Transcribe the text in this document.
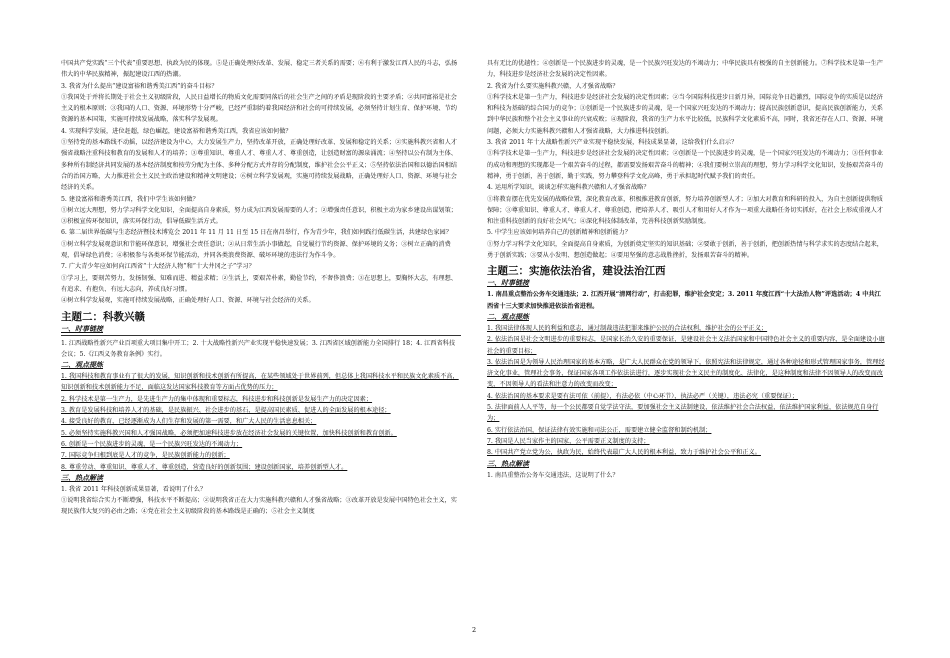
中国共产党实践“三个代表”重要思想、执政为民的体现。⑤是正确处理好改革、发展、稳定三者关系的需要；⑥有利于激发江西人民的斗志，弘扬伟大的中华民族精神，振起建设江西的热潮。

3. 我省为什么提出“建设富裕和谐秀美江西”的奋斗目标？

①我国处于并将长期处于社会主义初级阶段，人民日益增长的物质文化需要同落后的社会生产之间的矛盾是现阶段的主要矛盾；②共同富裕是社会主义的根本原则；③我国的人口、资源、环境形势十分严峻，已经严重制约着我国经济和社会的可持续发展，必须坚持计划生育、保护环境、节约资源的基本国策，实施可持续发展战略，落实科学发展观。

4. 实现科学发展，进位赶超，绿色崛起，建设富裕和谐秀美江西，我省应该如何做？

①坚持党的基本路线不动摇，以经济建设为中心，大力发展生产力，坚持改革开放，正确处理好改革、发展和稳定的关系；②实施科教兴省和人才强省战略注重科技和教育的发展和人才的培养；③尊重知识、尊重人才、尊重人才、尊重创造，让创造财富的源泉涌流；④坚持以公有制为主体、多种所有制经济共同发展的基本经济制度和按劳分配为主体、多种分配方式并存的分配制度，维护社会公平正义；⑤坚持依法治国和以德治国相结合的治国方略，大力推进社会主义民主政治建设和精神文明建设；⑥树立科学发展观，实施可持续发展战略，正确处理好人口、资源、环境与社会经济的关系。

5. 建设富裕和谐秀美江西，我们中学生该如何做？

①树立远大理想，努力学习科学文化知识，全面提高自身素质，努力成为江西发展需要的人才；②增强责任意识，积极主动为家乡建设出谋划策；③积极宣传环保知识，落实环保行动，倡导低碳生活方式。

6. 第二届世界低碳与生态经济暨技术博览会 2011 年 11 月 11 日至 15 日在南昌举行，作为青少年，我们如何践行低碳生活，共建绿色家园？

①树立科学发展观意识和节能环保意识，增强社会责任意识；②从日常生活小事做起，自觉履行节约资源、保护环境的义务；③树立正确的消费观，倡导绿色消费；④积极参与各类环保节能活动，并同各类浪费资源、破坏环境的违法行为作斗争。

7. 广大青少年应如何向江西省“十大经济人物”和“十大井冈之子”学习？

①学习上，要刻苦努力，发扬韧强、知难而进、精益求精；②生活上，要艰苦朴素，勤俭节约，不奢侈浪费；③在思想上，要胸怀大志，有理想、有追求、有抱负、有远大志向，养成良好习惯。

④树立科学发展观，实施可持续发展战略，正确处理好人口、资源、环境与社会经济的关系。

主题二：科教兴赣
一、时事链接

1. 江西战略性新兴产业百项重大项目集中开工；2. 十大战略性新兴产业实现平稳快速发展；3. 江西省区域创新能力全国排行 18；4. 江西省科技会议；5.《江西义务教育条例》实行。

二、观点提炼

1. 我国科技和教育事业有了很大的发展，知识创新和技术创新有所提高，在某些领域处于世界前列，但总体上我国科技水平和民族文化素质不高，知识创新和技术创新能力不足，面临这发达国家科技教育等方面占优势的压力；

2. 科学技术是第一生产力，是先进生产力的集中体现和重要标志，科技进步和科技创新是发展生产力的决定因素；

3. 教育是发展科技和培养人才的基础，是民族振兴、社会进步的基石，是提高国民素质、促进人的全面发展的根本途径；

4. 接受良好的教育，已经逐渐成为人们生存和发展的第一需要，和广大人民的生活息息相关；

5. 必须坚持实施科教兴国和人才强国战略，必须把加速科技进步放在经济社会发展的关键位置，加快科技创新和教育创新。

6. 创新是一个民族进步的灵魂，是一个民族兴旺发达的不竭动力；

7. 国际竞争归根到底是人才的竞争，是民族创新能力的创新；

8. 尊重劳动、尊重知识、尊重人才、尊重创造，营造良好的创新氛围；建设创新国家，培养创新型人才。

三、热点解读

1. 我省 2011 年科技创新成果显著，看说明了什么？

①说明我省综合实力不断增强，科技水平不断提高；②说明我省正在大力实施科教兴赣和人才强省战略；③改革开放是发展中国特色社会主义，实现民族伟大复兴的必由之路；④党在社会主义初级阶段的基本路线是正确的；⑤社会主义制度

具有无比的优越性；④创新是一个民族进步的灵魂，是一个民族兴旺发达的不竭动力；中华民族具有极强的自主创新能力。⑦科学技术是第一生产力，科技进步是经济社会发展的决定性因素。

2. 我省为什么要实施科教兴赣，人才强省战略？

①科学技术是第一生产力，科技进步是经济社会发展的决定性因素；②当今国际科技进步日新月异，国际竞争日趋激烈，国际竞争的实质是以经济和科技为基础的综合国力的竞争；③创新是一个民族进步的灵魂，是一个国家兴旺发达的不竭动力；提高民族创新意识，提高民族创新能力，关系到中华民族和整个社会主义事业的兴衰成败；④现阶段，我省的生产力水平比较低，民族科学文化素质不高，同时，我省还存在人口、资源、环境问题，必须大力实施科教兴赣和人才强省战略，大力推进科技创新。

3. 我省 2011 年十大战略性新兴产业实现平稳快发展，科技成果显著，这给我们什么启示？

①科学技术是第一生产力，科技进步是经济社会发展的决定性因素；②创新是一个民族进步的灵魂，是一个国家兴旺发达的不竭动力；③任何事业的成功和理想的实现都是一个艰苦奋斗的过程，都需要发扬艰苦奋斗的精神；④我们要树立崇高的理想，努力学习科学文化知识，发扬艰苦奋斗的精神，勇于创新，善于创新，勤于实践，努力攀登科学文化高峰，勇于承担起时代赋予我们的责任。

4. 运用所学知识，谈谈怎样实施科教兴赣和人才强省战略？

①将教育摆在优先发展的战略位置，深化教育改革，积极推进教育创新，努力培养创新型人才；②加大对教育和科研的投入，为自主创新提供物质保障；③尊重知识、尊重人才、尊重人才、尊重创造，把培养人才、吸引人才和用好人才作为一项重大战略任务切实抓好，在社会上形成重视人才和注重科技创新的良好社会风气；④深化科技体制改革，完善科技创新奖励制度。

5. 中学生应该如何培养自己的创新精神和创新能力？

①努力学习科学文化知识，全面提高自身素质，为创新奠定坚实的知识基础；②要敢于创新，善于创新，把创新热情与科学求实的态度结合起来，勇于创新实践；③要从小发明、想创造做起；④要用坚强的意志战胜挫折，发扬艰苦奋斗的精神。

主题三：实施依法治省，建设法治江西
一、时事链接

1. 南昌重点整治公务车交通违法；2. 江西开展“清网行动”，打击犯罪，维护社会安定；3. 2011 年度江西“十大法治人物”评选活动；4 中共江西省十三大要求加快推进依法治省进程。

二、观点提炼

1. 我国法律体现人民的利益和意志，通过制裁违法犯罪来维护公民的合法权利，维护社会的公平正义；

2. 依法治国是社会文明进步的重要标志，是国家长治久安的重要保证，是建设社会主义法治国家和中国特色社会主义的重要内容，是全面建设小康社会的重要目标；

3. 依法治国是为领导人民治理国家的基本方略，是广大人民群众在党的领导下，依照宪法和法律规定，通过各种途径和形式管理国家事务，管理经济文化事业，管理社会事务，保证国家各项工作依法法进行，逐步实现社会主义民主的制度化、法律化，是这种制度和法律不因领导人的改变而改变，不因领导人的看法和注意力的改变而改变；

4. 依法治国的基本要求是要有法可依（前提），有法必依（中心环节），执法必严（关键），违法必究（重要保证）；

5. 法律面前人人平等，每一个公民都要自觉学法守法，要加强社会主义法制建设，依法维护社会合法权益，依法维护国家利益，依法规范自身行为；

6. 实行依法治国，保证法律有效实施和司法公正，需要建立健全监督和制约机制；

7. 我国是人民当家作主的国家，公平需要正义制度的支持；

8. 中国共产党立党为公，执政为民，始终代表最广大人民的根本利益，致力于维护社会公平和正义。

三、热点解读

1. 南昌重整治公务车交通违法，这说明了什么？

2
